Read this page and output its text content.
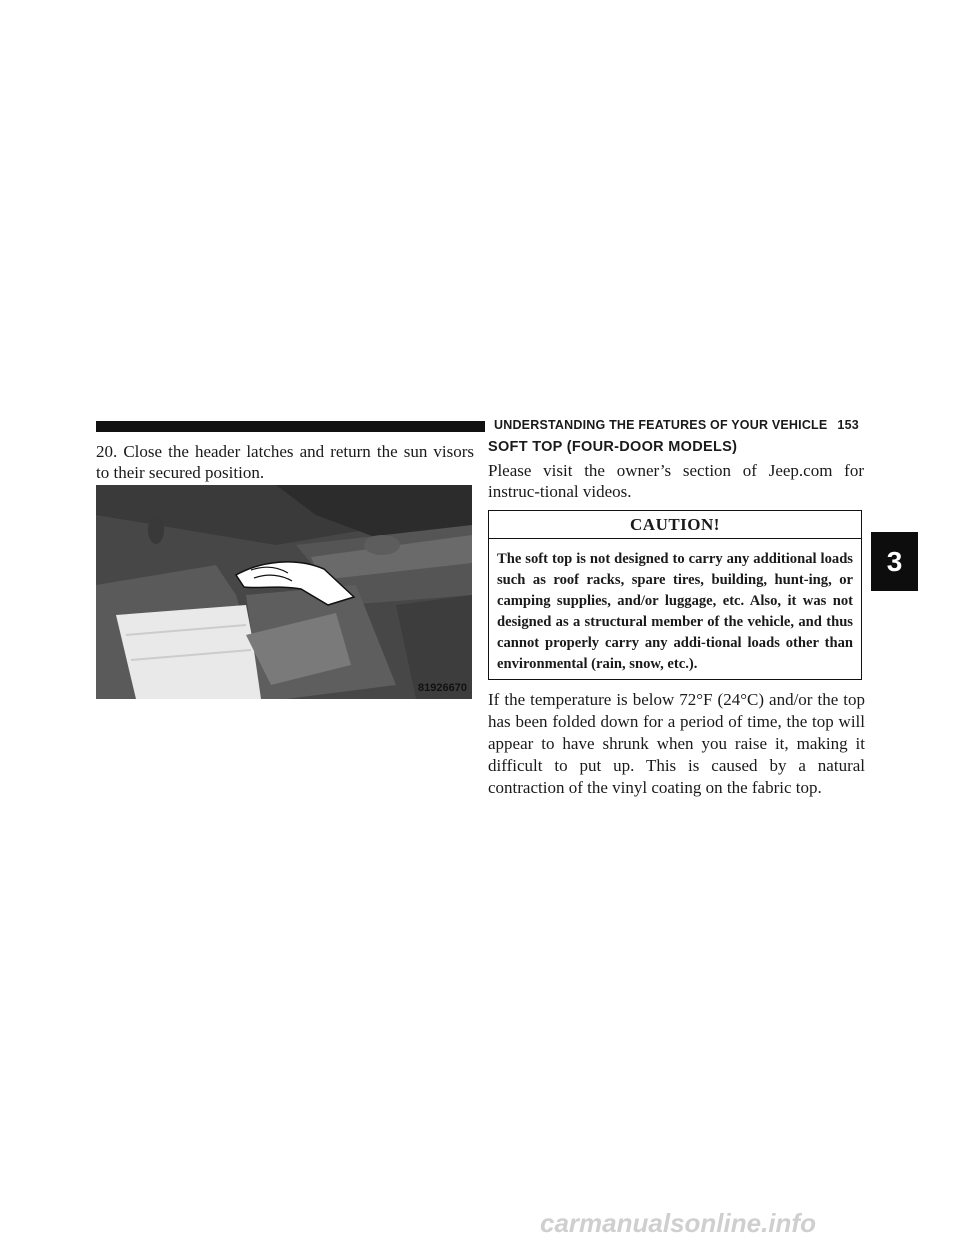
UNDERSTANDING THE FEATURES OF YOUR VEHICLE 153
3
20. Close the header latches and return the sun visors to their secured position.
81926670
SOFT TOP (FOUR-DOOR MODELS)
Please visit the owner’s section of Jeep.com for instruc-tional videos.
CAUTION!
The soft top is not designed to carry any additional loads such as roof racks, spare tires, building, hunt-ing, or camping supplies, and/or luggage, etc. Also, it was not designed as a structural member of the vehicle, and thus cannot properly carry any addi-tional loads other than environmental (rain, snow, etc.).
If the temperature is below 72°F (24°C) and/or the top has been folded down for a period of time, the top will appear to have shrunk when you raise it, making it difficult to put up. This is caused by a natural contraction of the vinyl coating on the fabric top.
carmanualsonline.info
